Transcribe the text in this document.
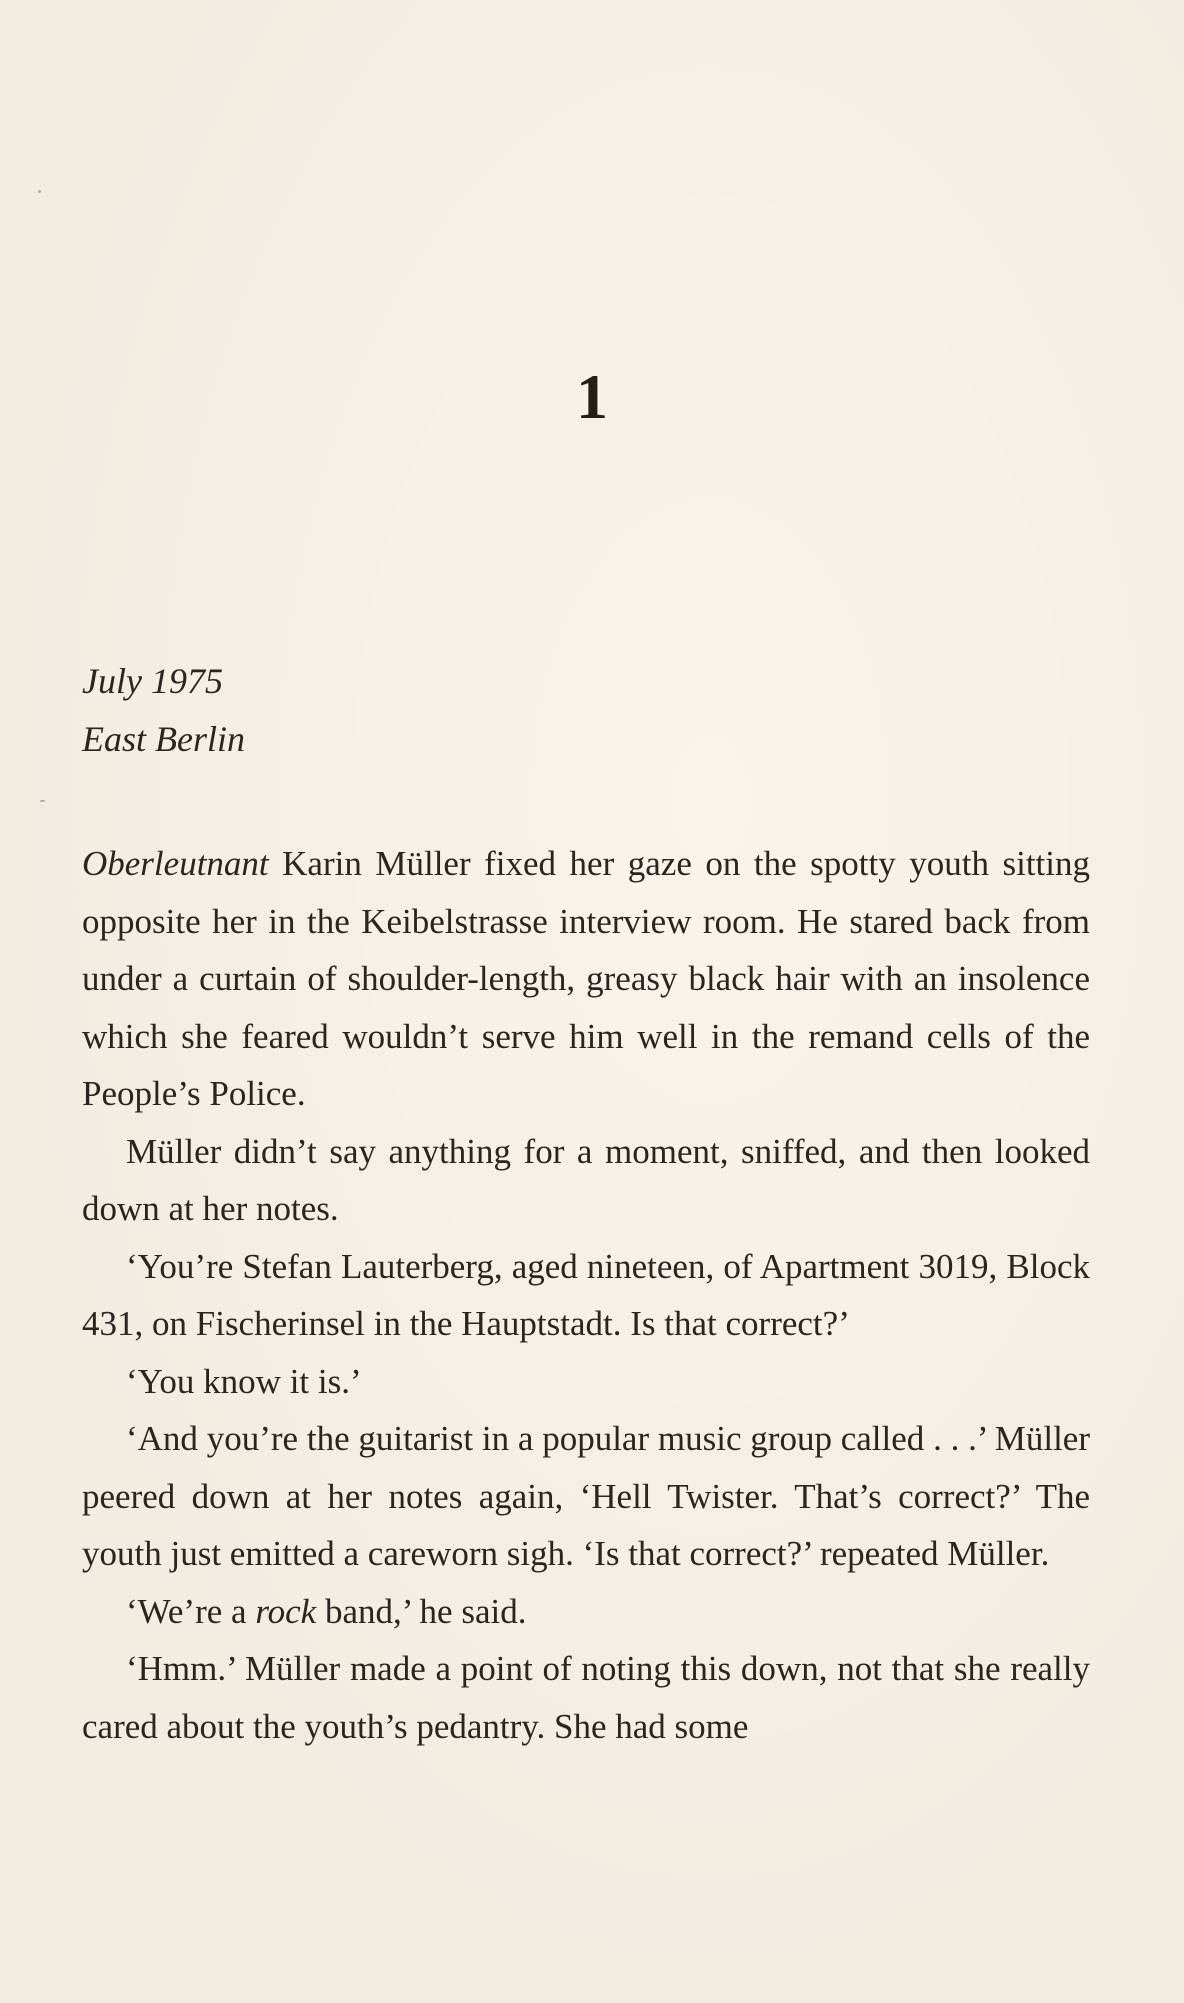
1
July 1975
East Berlin

Oberleutnant Karin Müller fixed her gaze on the spotty youth sitting opposite her in the Keibelstrasse interview room. He stared back from under a curtain of shoulder-length, greasy black hair with an insolence which she feared wouldn’t serve him well in the remand cells of the People’s Police.

Müller didn’t say anything for a moment, sniffed, and then looked down at her notes.

‘You’re Stefan Lauterberg, aged nineteen, of Apartment 3019, Block 431, on Fischerinsel in the Hauptstadt. Is that correct?’

‘You know it is.’

‘And you’re the guitarist in a popular music group called . . .’ Müller peered down at her notes again, ‘Hell Twister. That’s correct?’ The youth just emitted a careworn sigh. ‘Is that correct?’ repeated Müller.

‘We’re a rock band,’ he said.

‘Hmm.’ Müller made a point of noting this down, not that she really cared about the youth’s pedantry. She had some
